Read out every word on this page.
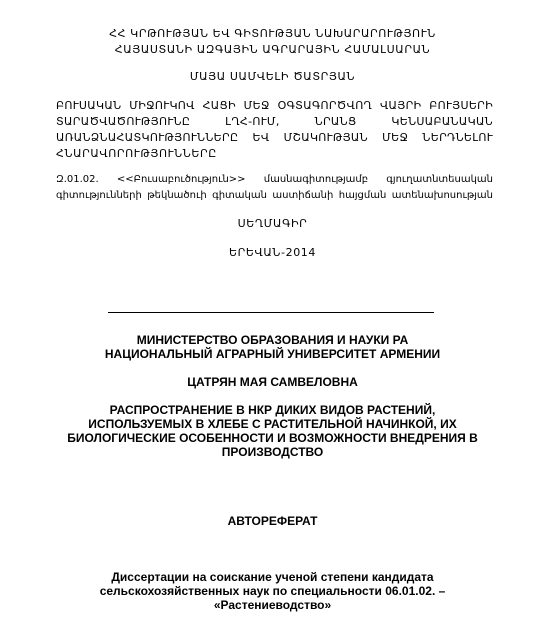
ՀՀ ԿՐԹՈՒԹՅԱՆ ԵՎ ԳԻՏՈՒԹՅԱՆ ՆԱԽԱՐԱՐՈՒԹՅՈՒՆ
ՀԱՅԱՍՏԱՆԻ ԱԶԳԱՅԻՆ ԱԳՐԱՐԱՅԻՆ ՀԱՄԱԼՍԱՐԱՆ
ՄԱՅԱ ՍԱՄՎԵԼԻ ԾԱՏՐՅԱՆ
ԲՈՒՍԱԿԱՆ ՄԻՋՈՒԿՈՎ ՀԱՑԻ ՄԵՋ ՕԳՏԱԳՈՐԾՎՈՂ ՎԱՅՐԻ ԲՈՒՅՍԵՐԻ
ՏԱՐԱԾՎԱԾՈՒԹՅՈՒՆԸ ԼՂՀ-ՈՒՄ, ՆՐԱՆՑ ԿԵՆՍԱԲԱՆԱԿԱՆ
ԱՌԱՆՁՆԱՀԱՏԿՈՒԹՅՈՒՆՆԵՐԸ ԵՎ ՄՇԱԿՈՒԹՅԱՆ ՄԵՋ ՆԵՐԴՆԵԼՈՒ
ՀՆԱՐԱՎՈՐՈՒԹՅՈՒՆՆԵՐԸ
Զ.01.02. <<Բուսաբուծություն>> մասնագիտությամբ գյուղատնտեսական
գիտությունների թեկնածուի գիտական աստիճանի հայցման ատենախոսության
ՍԵՂՄԱԳԻՐ
ԵՐԵՎԱՆ-2014
МИНИСТЕРСТВО ОБРАЗОВАНИЯ И НАУКИ РА
НАЦИОНАЛЬНЫЙ АГРАРНЫЙ УНИВЕРСИТЕТ АРМЕНИИ
ЦАТРЯН МАЯ САМВЕЛОВНА
РАСПРОСТРАНЕНИЕ В НКР ДИКИХ ВИДОВ РАСТЕНИЙ,
ИСПОЛЬЗУЕМЫХ В ХЛЕБЕ С РАСТИТЕЛЬНОЙ НАЧИНКОЙ, ИХ
БИОЛОГИЧЕСКИЕ ОСОБЕННОСТИ И ВОЗМОЖНОСТИ ВНЕДРЕНИЯ В
ПРОИЗВОДСТВО
АВТОРЕФЕРАТ
Диссертации на соискание ученой степени кандидата
сельскохозяйственных наук по специальности 06.01.02. –
«Растениеводство»
